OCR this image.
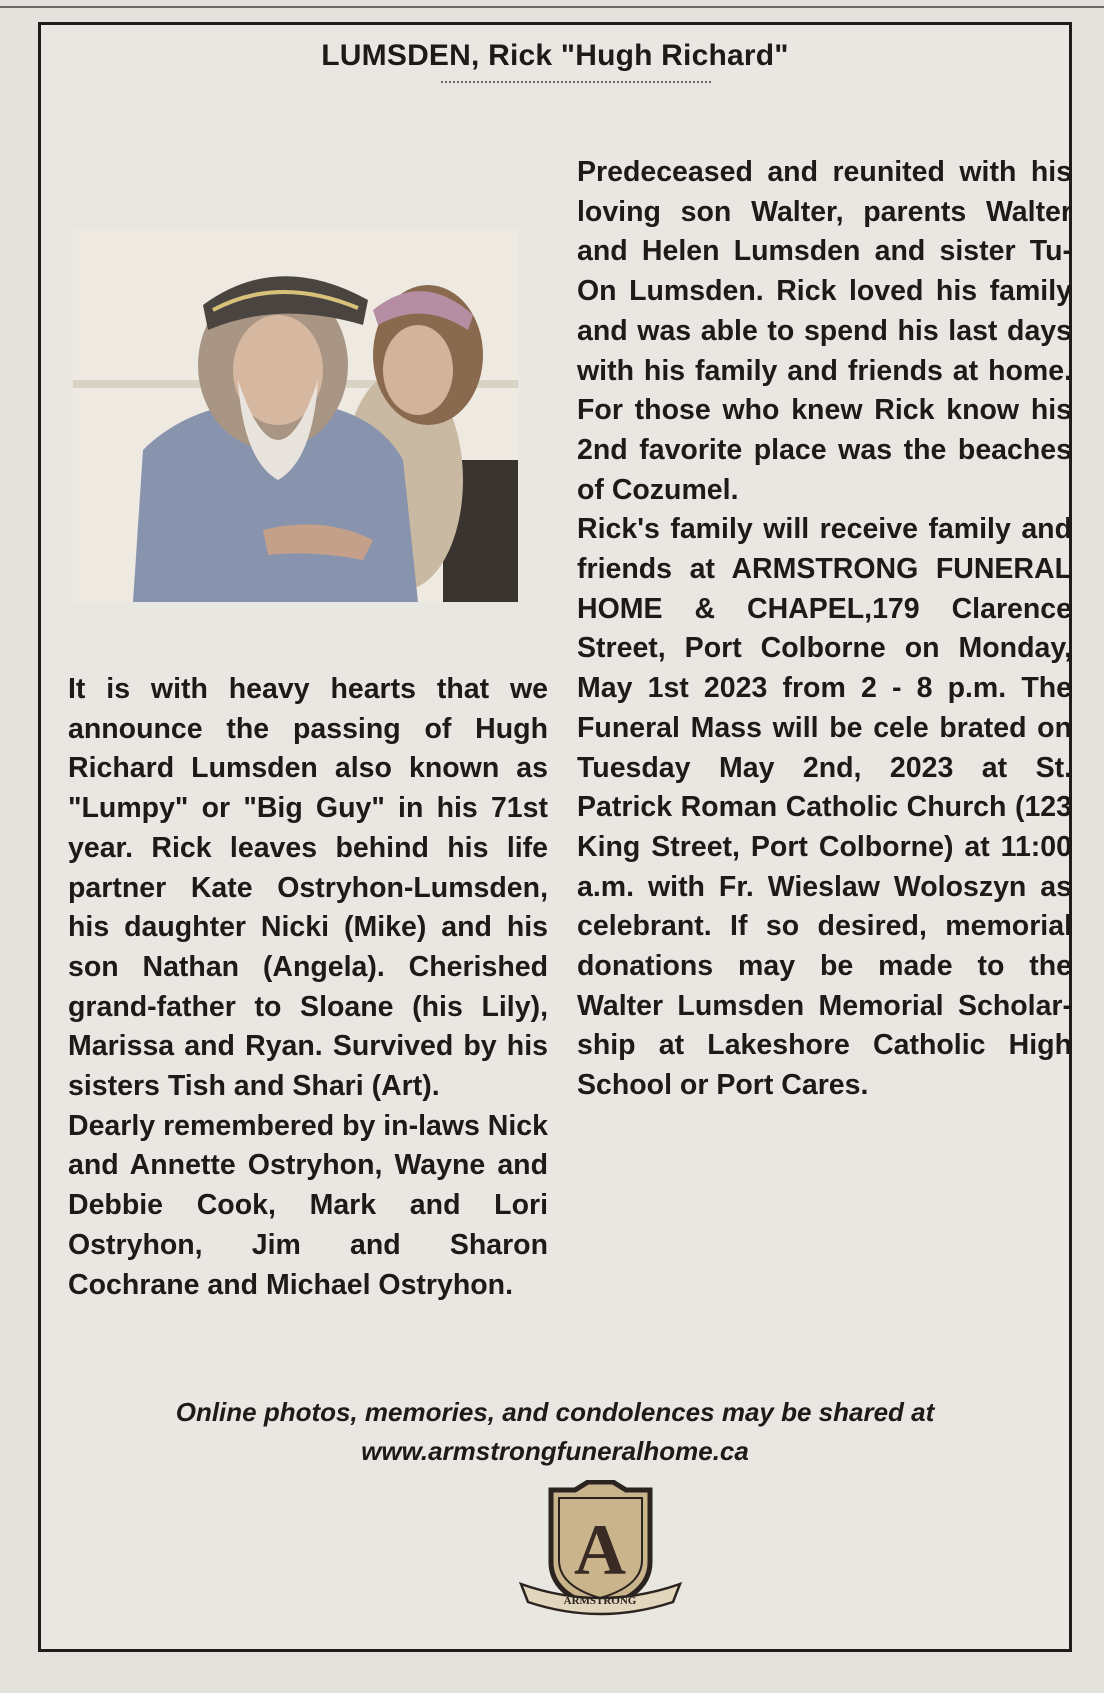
LUMSDEN, Rick "Hugh Richard"

It is with heavy hearts that we announce the passing of Hugh Richard Lumsden also known as "Lumpy" or "Big Guy" in his 71st year. Rick leaves behind his life partner Kate Ostryhon-Lumsden, his daughter Nicki (Mike) and his son Nathan (Angela). Cherished grand-father to Sloane (his Lily), Marissa and Ryan. Survived by his sisters Tish and Shari (Art).

Dearly remembered by in-laws Nick and Annette Ostryhon, Wayne and Debbie Cook, Mark and Lori Ostryhon, Jim and Sharon Cochrane and Michael Ostryhon.

Predeceased and reunited with his loving son Walter, parents Walter and Helen Lumsden and sister Tu-On Lumsden. Rick loved his family and was able to spend his last days with his family and friends at home. For those who knew Rick know his 2nd favorite place was the beaches of Cozumel.

Rick's family will receive family and friends at ARMSTRONG FUNERAL HOME & CHAPEL,179 Clarence Street, Port Colborne on Monday, May 1st 2023 from 2 - 8 p.m. The Funeral Mass will be cele brated on Tuesday May 2nd, 2023 at St. Patrick Roman Catholic Church (123 King Street, Port Colborne) at 11:00 a.m. with Fr. Wieslaw Woloszyn as celebrant. If so desired, memorial donations may be made to the Walter Lumsden Memorial Scholar-ship at Lakeshore Catholic High School or Port Cares.

Online photos, memories, and condolences may be shared at
www.armstrongfuneralhome.ca
A
ARMSTRONG
